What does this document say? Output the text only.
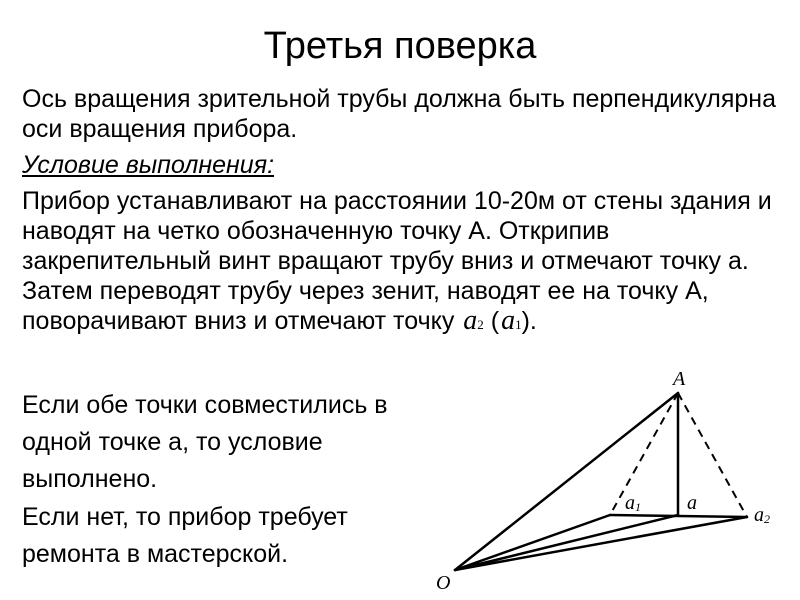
Третья поверка
Ось вращения зрительной трубы должна быть перпендикулярна оси вращения прибора.
Условие выполнения:
Прибор устанавливают на расстоянии 10-20м от стены здания и наводят на четко обозначенную точку А. Открипив закрепительный винт вращают трубу вниз и отмечают точку а. Затем переводят трубу через зенит, наводят ее на точку А, поворачивают вниз и отмечают точку a2 (a1).
Если обе точки совместились в одной точке а, то условие выполнено.
Если нет, то прибор требует ремонта в мастерской.
A
O
a
a1	a2
